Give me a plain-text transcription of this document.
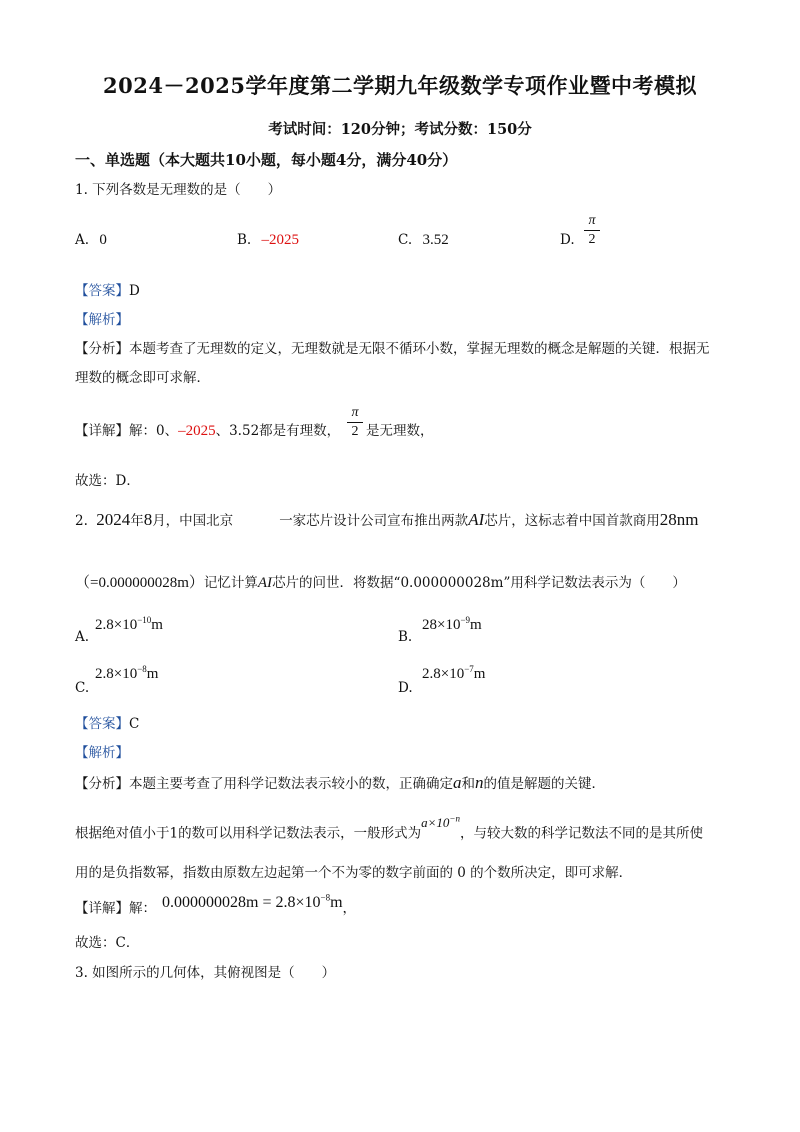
2024－2025学年度第二学期九年级数学专项作业暨中考模拟
考试时间：120分钟；考试分数：150分
一、单选题（本大题共10小题，每小题4分，满分40分）
1. 下列各数是无理数的是（　　）
A. 0	B. –2025	C. 3.52	D.
π
2
【答案】D
【解析】
【分析】本题考查了无理数的定义，无理数就是无限不循环小数，掌握无理数的概念是解题的关键．根据无理数的概念即可求解．
【详解】解：0、–2025、3.52都是有理数，
π
2 是无理数，
故选：D．
2. 2024年8月，中国北京	一家芯片设计公司宣布推出两款AI芯片，这标志着中国首款商用28nm
（=0.000000028m）记忆计算AI芯片的问世．将数据“0.000000028m”用科学记数法表示为（　　）
A.
$2.8\times 10^{-10}m$
B.
$28\times 10^{-9}m$
C.
$2.8\times 10^{-8}m$
D.
$2.8\times 10^{-7}m$
【答案】C
【解析】
【分析】本题主要考查了用科学记数法表示较小的数，正确确定a和n的值是解题的关键．
根据绝对值小于1的数可以用科学记数法表示，一般形式为$a\times 10^{-n}$，与较大数的科学记数法不同的是其所使用的是负指数幂，指数由原数左边起第一个不为零的数字前面的 0 的个数所决定，即可求解．
【详解】解： $0.000000028m = 2.8\times 10^{-8}m$，
故选：C．
3. 如图所示的几何体，其俯视图是（　　）
